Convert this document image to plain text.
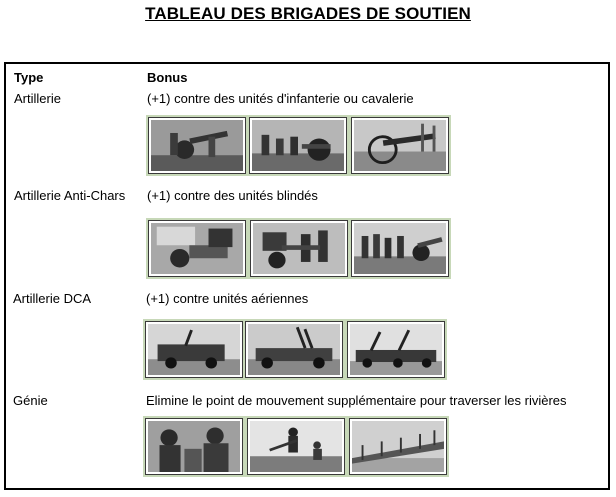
TABLEAU DES BRIGADES DE SOUTIEN
Type	Bonus
Artillerie	(+1) contre des unités d'infanterie ou cavalerie
Artillerie Anti-Chars (+1) contre des unités blindés
Artillerie DCA	(+1) contre unités aériennes
Génie	Elimine le point de mouvement supplémentaire pour traverser les rivières
